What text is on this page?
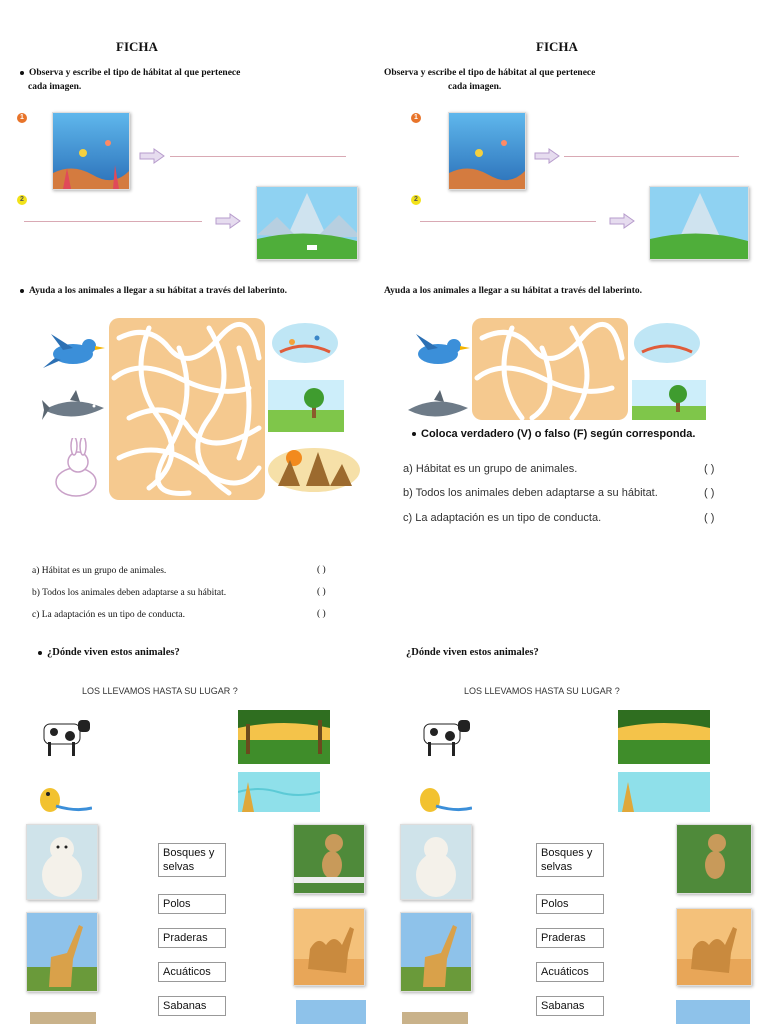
FICHA
Observa y escribe el tipo de hábitat al que pertenece
cada imagen.
1
2
Ayuda a los animales a llegar a su hábitat a través del laberinto.
a) Hábitat es un grupo de animales.	( )
b) Todos los animales deben adaptarse a su hábitat.	( )
c) La adaptación es un tipo de conducta.	( )
¿Dónde viven estos animales?
LOS LLEVAMOS HASTA SU LUGAR ?
Bosques y
selvas
Polos
Praderas
Acuáticos
Sabanas
FICHA
Observa y escribe el tipo de hábitat al que pertenece
cada imagen.
1
2
Ayuda a los animales a llegar a su hábitat a través del laberinto.
Coloca verdadero (V) o falso (F) según corresponda.
a) Hábitat es un grupo de animales.	( )
b) Todos los animales deben adaptarse a su hábitat.	( )
c) La adaptación es un tipo de conducta.	( )
¿Dónde viven estos animales?
LOS LLEVAMOS HASTA SU LUGAR ?
Bosques y
selvas
Polos
Praderas
Acuáticos
Sabanas
